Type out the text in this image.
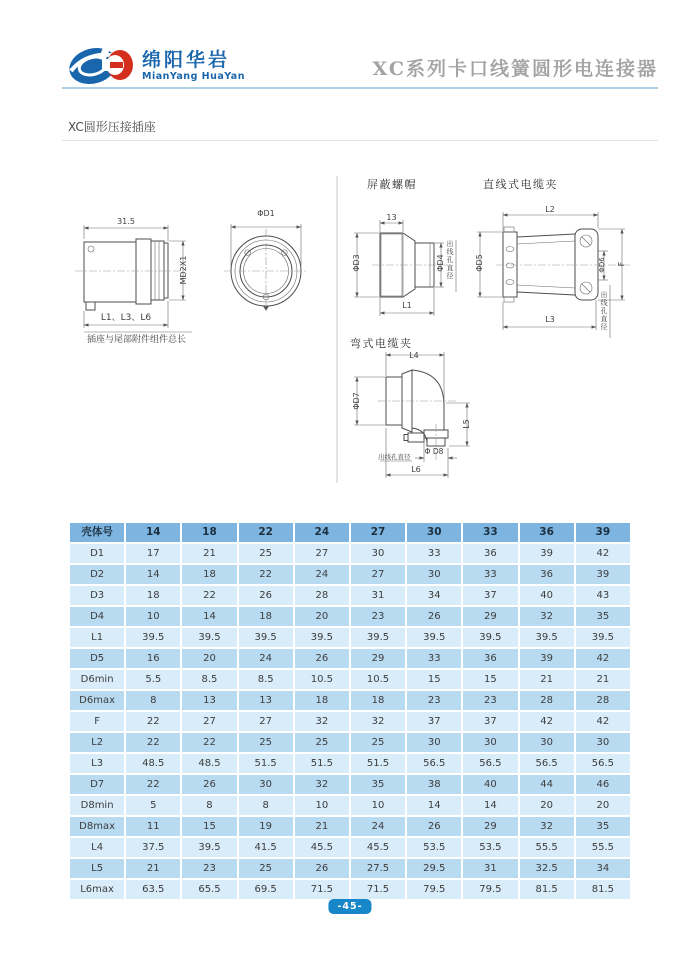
绵阳华岩
MianYang HuaYan	XC系列卡口线簧圆形电连接器
XC圆形压接插座
31.5
MD2X1
L1、L3、L6
插座与尾部附件组件总长
ΦD1
屏蔽螺帽
13
ΦD3	ΦD4 出线孔直径
L1
直线式电缆夹
L2
ΦD5	ΦD6 F
L3	出线孔直径
弯式电缆夹
L4
ΦD7
L5
Φ D8
出线孔直径
L6
壳体号	14	18	22	24	27	30	33	36	39
D1	17	21	25	27	30	33	36	39	42
D2	14	18	22	24	27	30	33	36	39
D3	18	22	26	28	31	34	37	40	43
D4	10	14	18	20	23	26	29	32	35
L1	39.5	39.5	39.5	39.5	39.5	39.5	39.5	39.5	39.5
D5	16	20	24	26	29	33	36	39	42
D6min	5.5	8.5	8.5	10.5	10.5	15	15	21	21
D6max	8	13	13	18	18	23	23	28	28
F	22	27	27	32	32	37	37	42	42
L2	22	22	25	25	25	30	30	30	30
L3	48.5	48.5	51.5	51.5	51.5	56.5	56.5	56.5	56.5
D7	22	26	30	32	35	38	40	44	46
D8min	5	8	8	10	10	14	14	20	20
D8max	11	15	19	21	24	26	29	32	35
L4	37.5	39.5	41.5	45.5	45.5	53.5	53.5	55.5	55.5
L5	21	23	25	26	27.5	29.5	31	32.5	34
L6max	63.5	65.5	69.5	71.5	71.5	79.5	79.5	81.5	81.5
-45-
